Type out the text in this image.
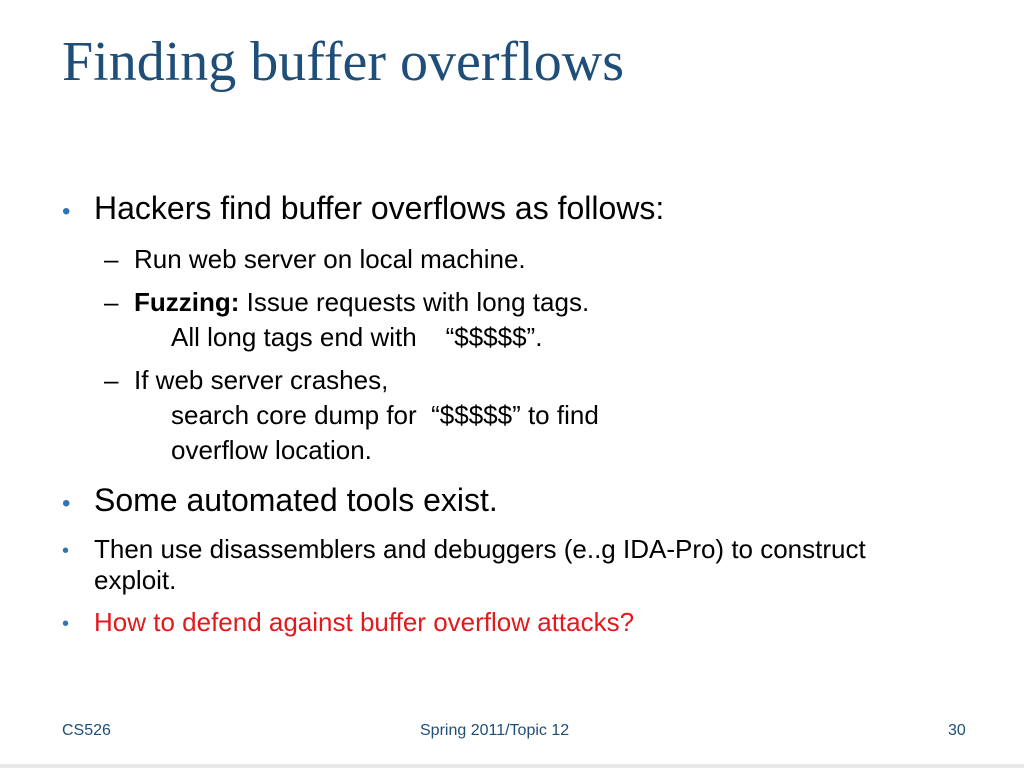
Finding buffer overflows
• Hackers find buffer overflows as follows:
– Run web server on local machine.
– Fuzzing: Issue requests with long tags.
All long tags end with    “$$$$$”.
– If web server crashes,
search core dump for  “$$$$$” to find
overflow location.
• Some automated tools exist.
• Then use disassemblers and debuggers (e..g IDA-Pro) to construct exploit.
• How to defend against buffer overflow attacks?
CS526	Spring 2011/Topic 12	30
